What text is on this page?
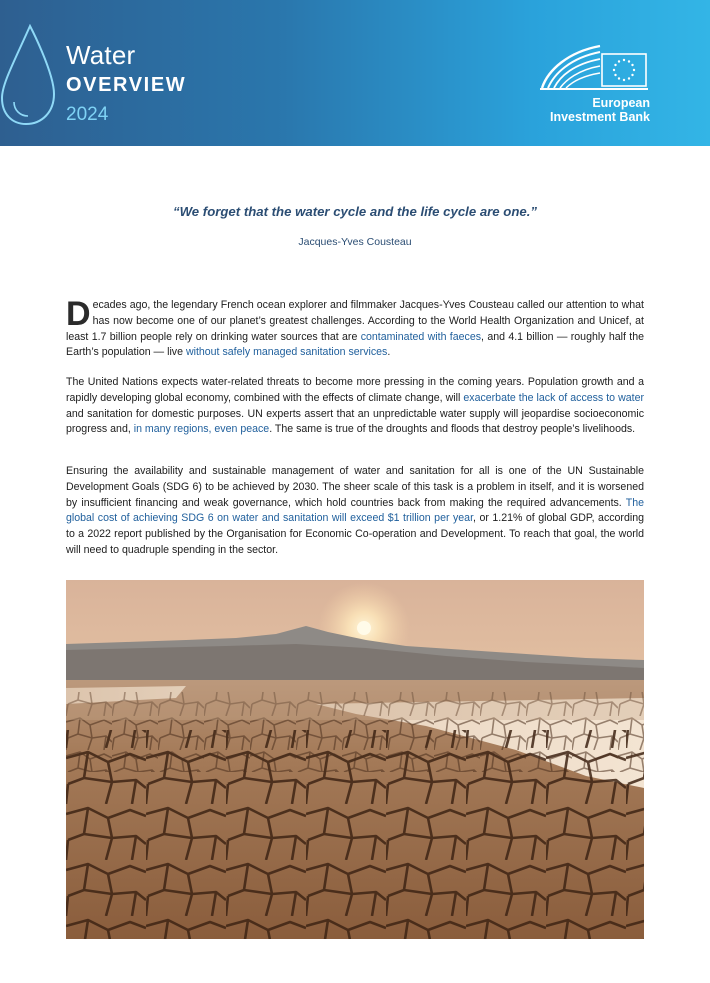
Water
OVERVIEW
2024
European
Investment Bank
“We forget that the water cycle and the life cycle are one.”
Jacques-Yves Cousteau
Decades ago, the legendary French ocean explorer and filmmaker Jacques-Yves Cousteau called our attention to what has now become one of our planet’s greatest challenges. According to the World Health Organization and Unicef, at least 1.7 billion people rely on drinking water sources that are contaminated with faeces, and 4.1 billion — roughly half the Earth’s population — live without safely managed sanitation services.
The United Nations expects water-related threats to become more pressing in the coming years. Population growth and a rapidly developing global economy, combined with the effects of climate change, will exacerbate the lack of access to water and sanitation for domestic purposes. UN experts assert that an unpredictable water supply will jeopardise socioeconomic progress and, in many regions, even peace. The same is true of the droughts and floods that destroy people’s livelihoods.
Ensuring the availability and sustainable management of water and sanitation for all is one of the UN Sustainable Development Goals (SDG 6) to be achieved by 2030. The sheer scale of this task is a problem in itself, and it is worsened by insufficient financing and weak governance, which hold countries back from making the required advancements. The global cost of achieving SDG 6 on water and sanitation will exceed $1 trillion per year, or 1.21% of global GDP, according to a 2022 report published by the Organisation for Economic Co-operation and Development. To reach that goal, the world will need to quadruple spending in the sector.
